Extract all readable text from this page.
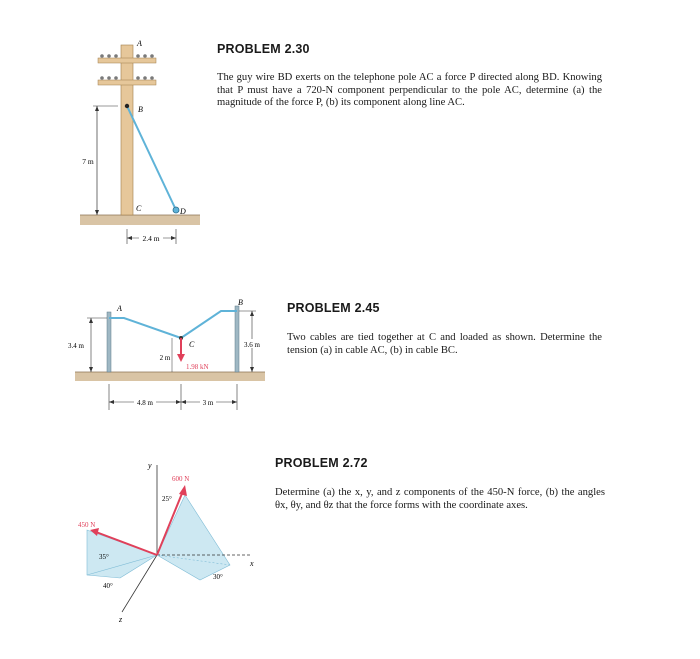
PROBLEM 2.30
The guy wire BD exerts on the telephone pole AC a force P directed along BD. Knowing that P must have a 720-N component perpendicular to the pole AC, determine (a) the magnitude of the force P, (b) its component along line AC.
A
B
C	D
7 m
2.4 m
PROBLEM 2.45
Two cables are tied together at C and loaded as shown. Determine the tension (a) in cable AC, (b) in cable BC.
1.98 kN
A
B
C
3.4 m	3.6 m
2 m
4.8 m	3 m
PROBLEM 2.72
Determine (a) the x, y, and z components of the 450-N force, (b) the angles θx, θy, and θz that the force forms with the coordinate axes.
y
x
z
600 N
450 N
25°
35°
40°
30°
